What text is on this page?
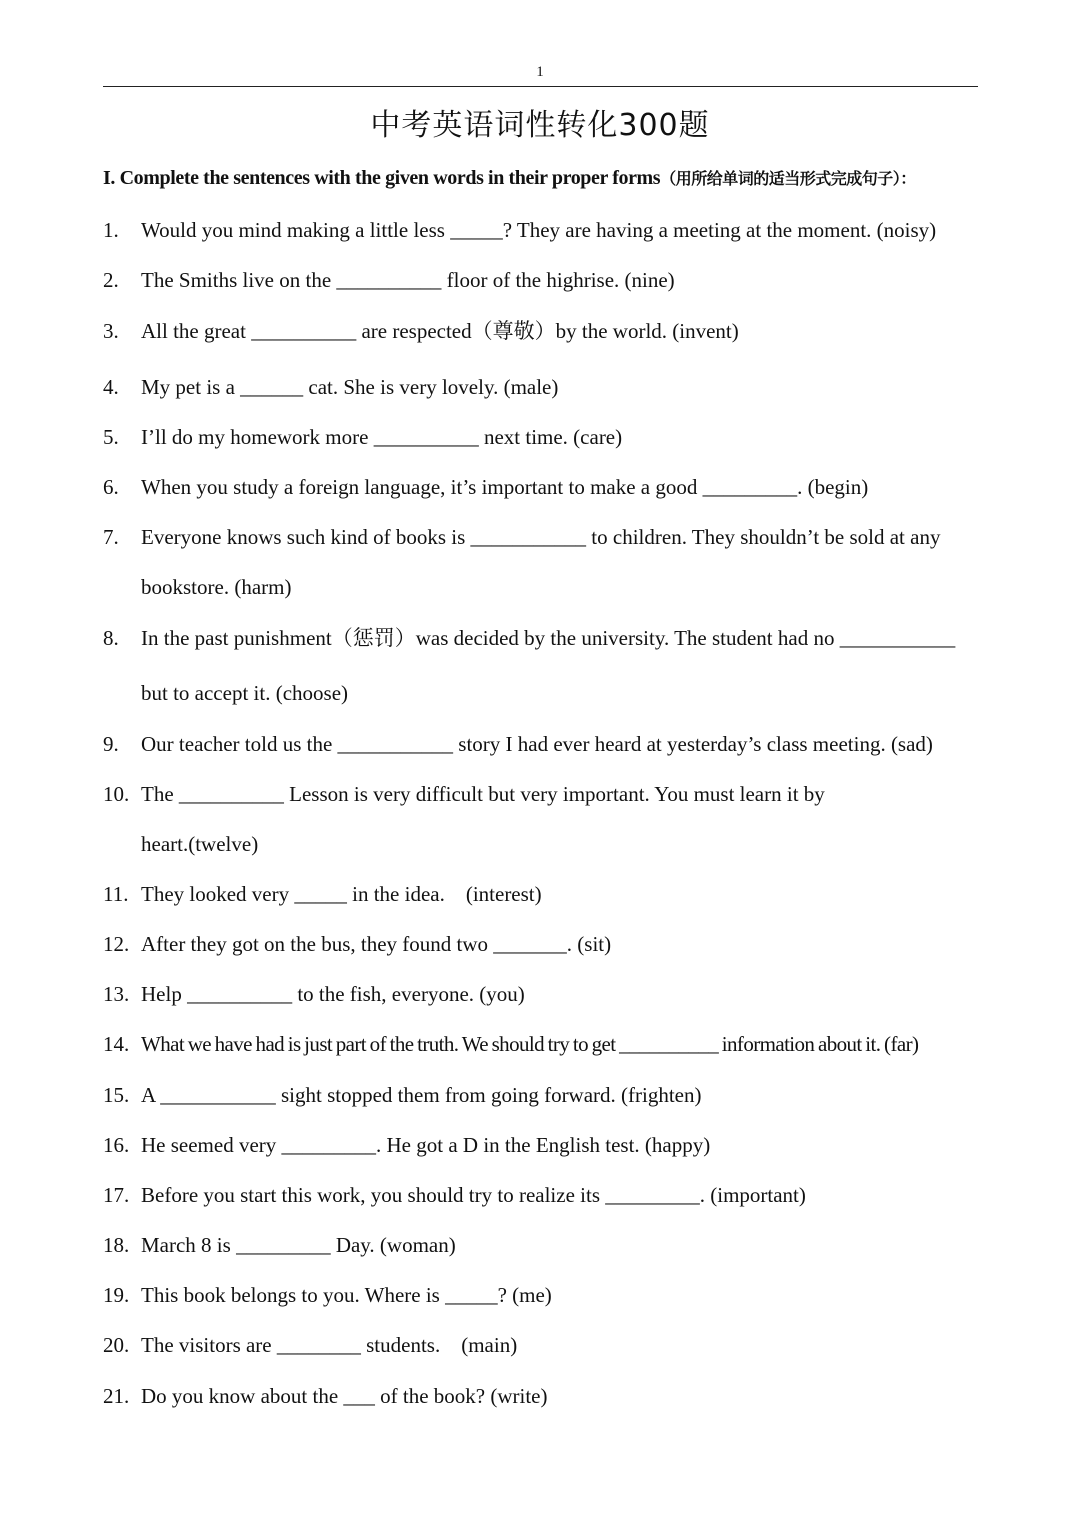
1
中考英语词性转化300题
I. Complete the sentences with the given words in their proper forms（用所给单词的适当形式完成句子）：
1. Would you mind making a little less _____? They are having a meeting at the moment. (noisy)
2. The Smiths live on the __________ floor of the highrise. (nine)
3. All the great __________ are respected（尊敬）by the world. (invent)
4. My pet is a ______ cat. She is very lovely. (male)
5. I’ll do my homework more __________ next time. (care)
6. When you study a foreign language, it’s important to make a good _________. (begin)
7. Everyone knows such kind of books is ___________ to children. They shouldn’t be sold at any
bookstore. (harm)
8. In the past punishment（惩罚）was decided by the university. The student had no ___________
but to accept it. (choose)
9. Our teacher told us the ___________ story I had ever heard at yesterday’s class meeting. (sad)
10. The __________ Lesson is very difficult but very important. You must learn it by
heart.(twelve)
11. They looked very _____ in the idea.　(interest)
12. After they got on the bus, they found two _______. (sit)
13. Help __________ to the fish, everyone. (you)
14. What we have had is just part of the truth. We should try to get __________ information about it. (far)
15. A ___________ sight stopped them from going forward. (frighten)
16. He seemed very _________. He got a D in the English test. (happy)
17. Before you start this work, you should try to realize its _________. (important)
18. March 8 is _________ Day. (woman)
19. This book belongs to you. Where is _____? (me)
20. The visitors are ________ students.　(main)
21. Do you know about the ___ of the book? (write)
